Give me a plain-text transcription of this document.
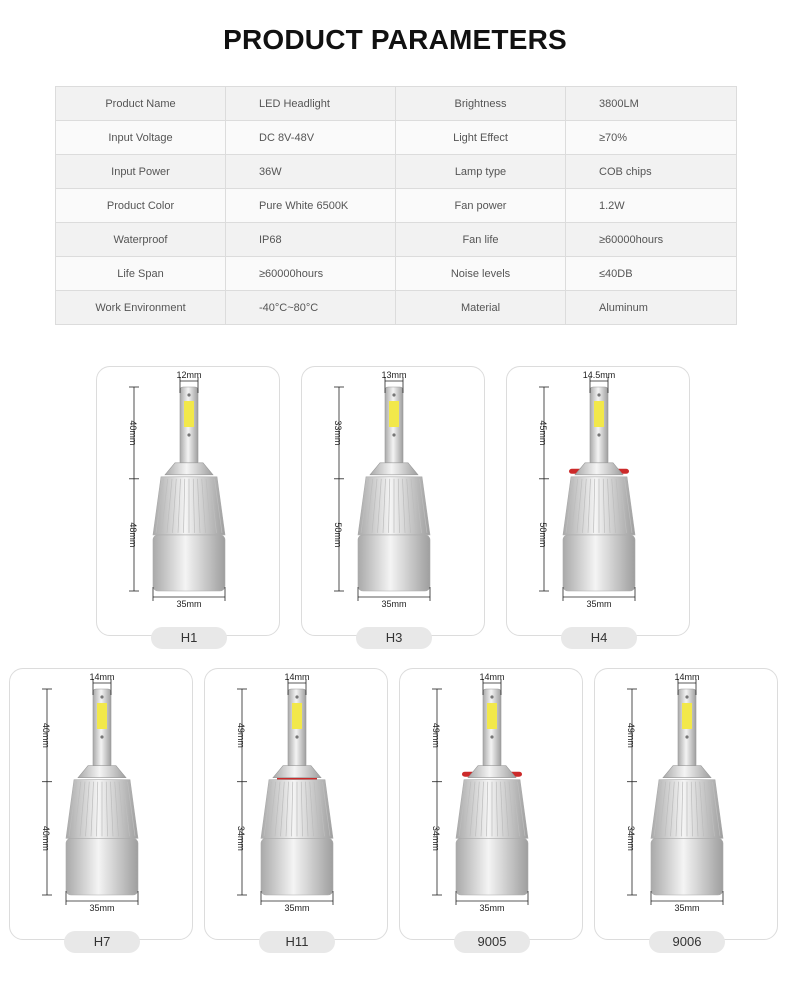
PRODUCT PARAMETERS
Product Name	LED Headlight	Brightness	3800LM
Input Voltage	DC 8V-48V	Light Effect	≥70%
Input Power	36W	Lamp type	COB chips
Product Color	Pure White 6500K	Fan power	1.2W
Waterproof	IP68	Fan life	≥60000hours
Life Span	≥60000hours	Noise levels	≤40DB
Work Environment	-40°C~80°C	Material	Aluminum
12mm
40mm
48mm
35mm
H1
13mm
33mm
50mm
35mm
H3
14.5mm
45mm
50mm
35mm
H4
14mm
40mm
40mm
35mm
H7
14mm
49mm
34mm
35mm
H11
14mm
49mm
34mm
35mm
9005
14mm
49mm
34mm
35mm
9006
